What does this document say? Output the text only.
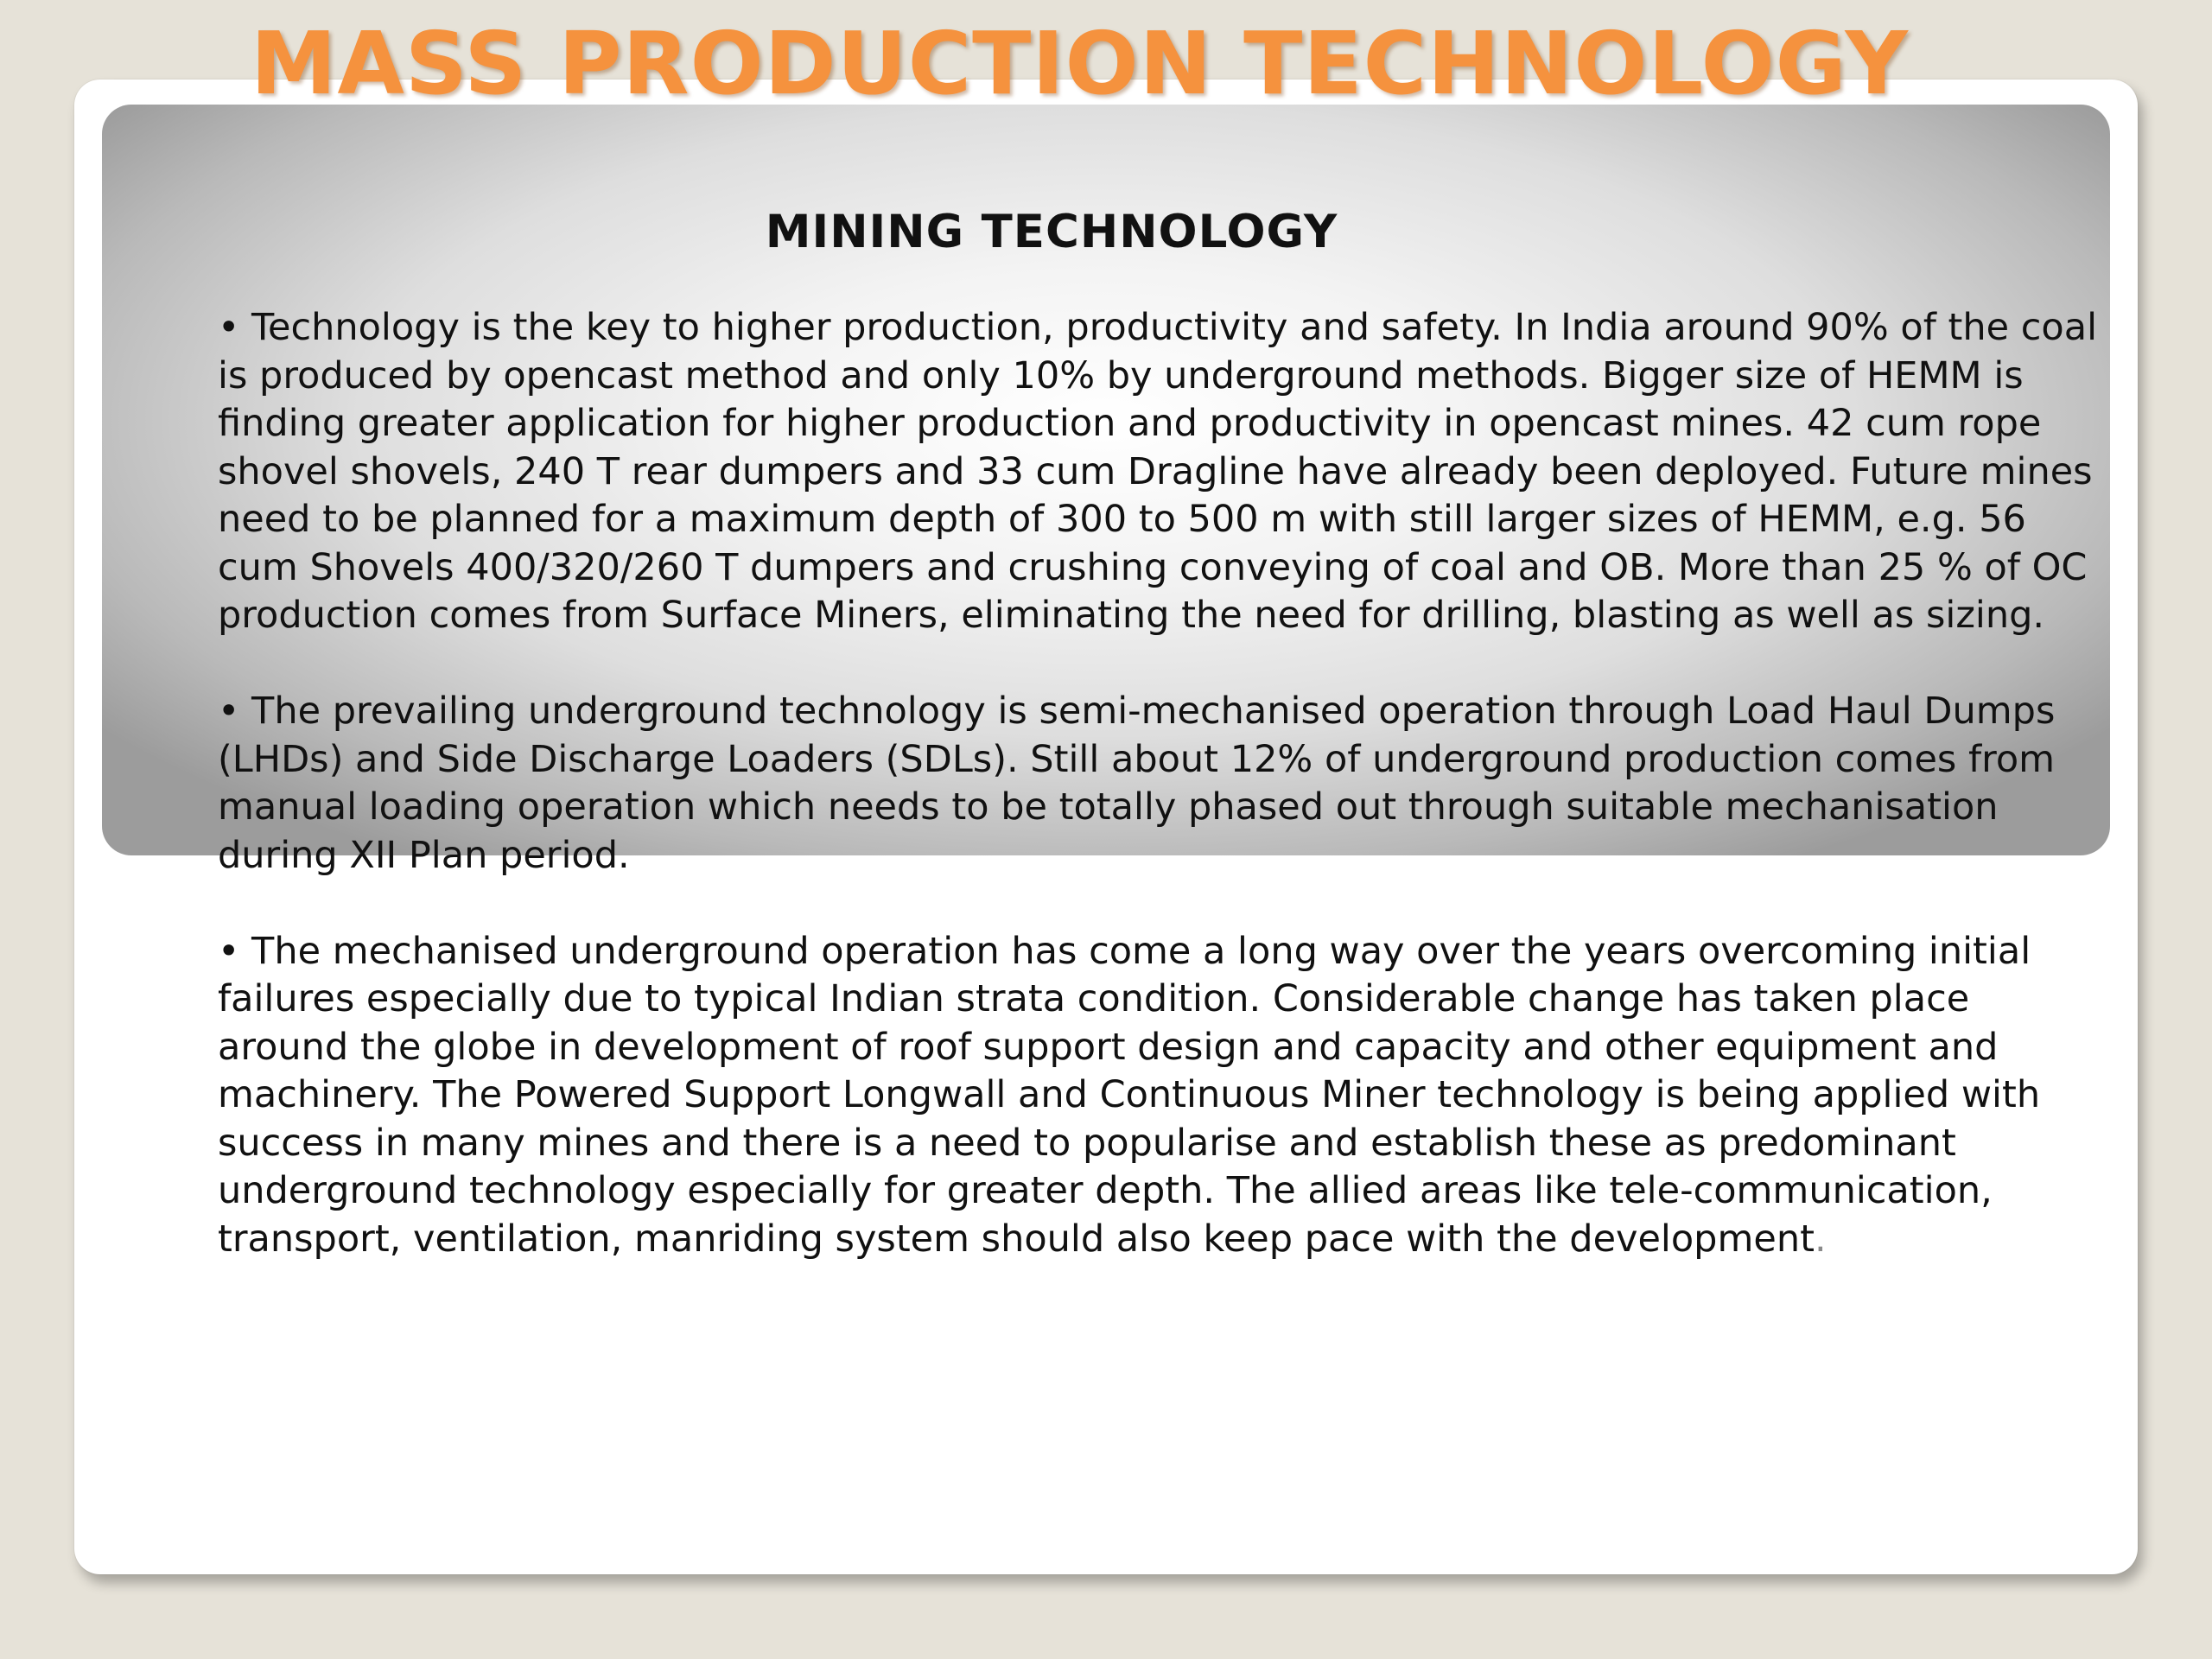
MASS PRODUCTION TECHNOLOGY
MINING TECHNOLOGY
• Technology is the key to higher production, productivity and safety. In India around 90% of the coal is produced by opencast method and only 10% by underground methods. Bigger size of HEMM is finding greater application for higher production and productivity in opencast mines. 42 cum rope shovel shovels, 240 T rear dumpers and 33 cum Dragline have already been deployed. Future mines need to be planned for a maximum depth of 300 to 500 m with still larger sizes of HEMM, e.g. 56 cum Shovels 400/320/260 T dumpers and crushing conveying of coal and OB. More than 25 % of OC production comes from Surface Miners, eliminating the need for drilling, blasting as well as sizing.
• The prevailing underground technology is semi-mechanised operation through Load Haul Dumps (LHDs) and Side Discharge Loaders (SDLs). Still about 12% of underground production comes from manual loading operation which needs to be totally phased out through suitable mechanisation during XII Plan period.
• The mechanised underground operation has come a long way over the years overcoming initial failures especially due to typical Indian strata condition. Considerable change has taken place around the globe in development of roof support design and capacity and other equipment and machinery. The Powered Support Longwall and Continuous Miner technology is being applied with success in many mines and there is a need to popularise and establish these as predominant underground technology especially for greater depth. The allied areas like tele-communication, transport, ventilation, manriding system should also keep pace with the development.
